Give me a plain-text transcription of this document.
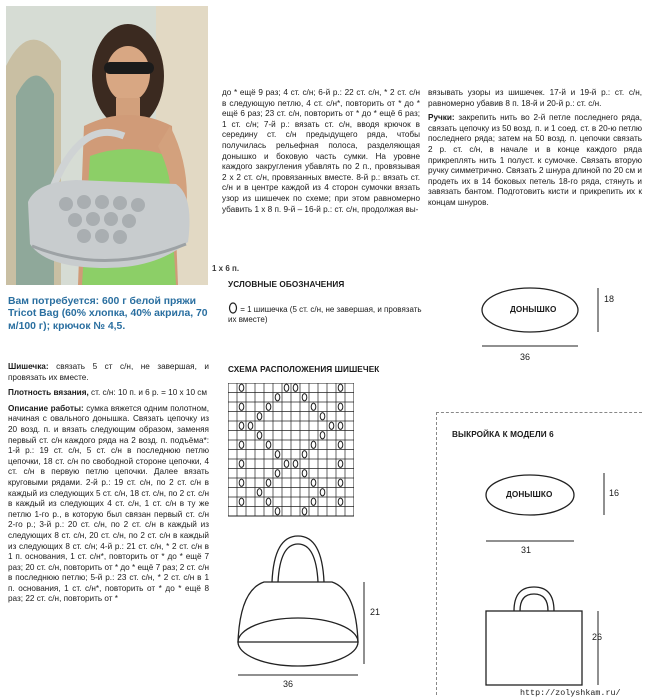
1 x 6 п.
Вам потребуется: 600 г белой пряжи Tricot Bag (60% хлопка, 40% акрила, 70 м/100 г); крючок № 4,5.

Шишечка: связать 5 ст с/н, не завершая, и провязать их вместе.

Плотность вязания, ст. с/н: 10 п. и 6 р. = 10 х 10 см

Описание работы: сумка вяжется одним полотном, начиная с овального донышка. Связать цепочку из 20 возд. п. и вязать следующим образом, заменяя первый ст. с/н каждого ряда на 2 возд. п. подъёма*: 1-й р.: 19 ст. с/н, 5 ст. с/н в последнюю петлю цепочки, 18 ст. с/н по свободной стороне цепочки, 4 ст. с/н в первую петлю цепочки. Далее вязать круговыми рядами. 2-й р.: 19 ст. с/н, по 2 ст. с/н в каждый из следующих 5 ст. с/н, 18 ст. с/н, по 2 ст. с/н в каждый из следующих 4 ст. с/н, 1 ст. с/н в ту же петлю 1-го р., в которую был связан первый ст. с/н 2-го р.; 3-й р.: 20 ст. с/н, по 2 ст. с/н в каждый из следующих 8 ст. с/н, 20 ст. с/н, по 2 ст. с/н в каждый из следующих 8 ст. с/н; 4-й р.: 21 ст. с/н, * 2 ст. с/н в 1 п. основания, 1 ст. с/н*, повторить от * до * ещё 7 раз; 20 ст. с/н, повторить от * до * ещё 7 раз; 2 ст. с/н в последнюю петлю; 5-й р.: 23 ст. с/н, * 2 ст. с/н в 1 п. основания, 1 ст. с/н*, повторить от * до * ещё 8 раз; 22 ст. с/н, повторить от *

до * ещё 9 раз; 4 ст. с/н; 6-й р.: 22 ст. с/н, * 2 ст. с/н в следующую петлю, 4 ст. с/н*, повторить от * до * ещё 6 раз; 23 ст. с/н, повторить от * до * ещё 6 раз; 1 ст. с/н; 7-й р.: вязать ст. с/н, вводя крючок в середину ст. с/н предыдущего ряда, чтобы получилась рельефная полоса, разделяющая донышко и боковую часть сумки. На уровне каждого закругления убавлять по 2 п., провязывая 2 х 2 ст. с/н, провязанных вместе. 8-й р.: вязать ст. с/н и в центре каждой из 4 сторон сумочки вязать узор из шишечек по схеме; при этом равномерно убавить 1 х 8 п. 9-й – 16-й р.: ст. с/н, продолжая вы-

вязывать узоры из шишечек. 17-й и 19-й р.: ст. с/н, равномерно убавив 8 п. 18-й и 20-й р.: ст. с/н.

Ручки: закрепить нить во 2-й петле последнего ряда, связать цепочку из 50 возд. п. и 1 соед. ст. в 20-ю петлю последнего ряда; затем на 50 возд. п. цепочки связать 2 р. ст. с/н, в начале и в конце каждого ряда прикреплять нить 1 полуст. к сумочке. Связать вторую ручку симметрично. Связать 2 шнура длиной по 20 см и продеть их в 14 боковых петель 18-го ряда, стянуть и завязать бантом. Подготовить кисти и прикрепить их к концам шнуров.

УСЛОВНЫЕ ОБОЗНАЧЕНИЯ
= 1 шишечка (5 ст. с/н, не завершая, и провязать их вместе)
СХЕМА РАСПОЛОЖЕНИЯ ШИШЕЧЕК
36
21
ДОНЫШКО
36
18
ВЫКРОЙКА К МОДЕЛИ 6
ДОНЫШКО
31
16
26
http://zolyshkam.ru/
